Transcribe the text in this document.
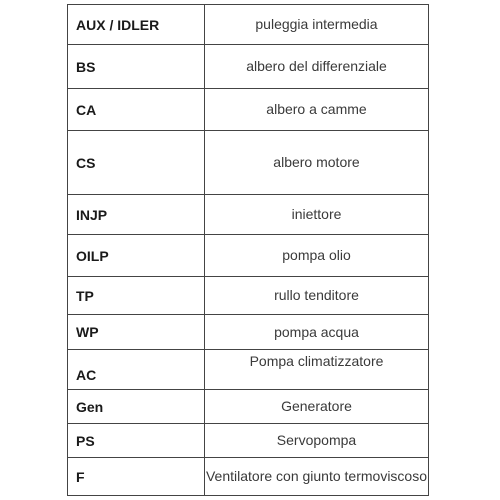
AUX / IDLER	puleggia intermedia
BS	albero del differenziale
CA	albero a camme
CS	albero motore
INJP	iniettore
OILP	pompa olio
TP	rullo tenditore
WP	pompa acqua
AC	Pompa climatizzatore
Gen	Generatore
PS	Servopompa
F	Ventilatore con giunto termoviscoso
